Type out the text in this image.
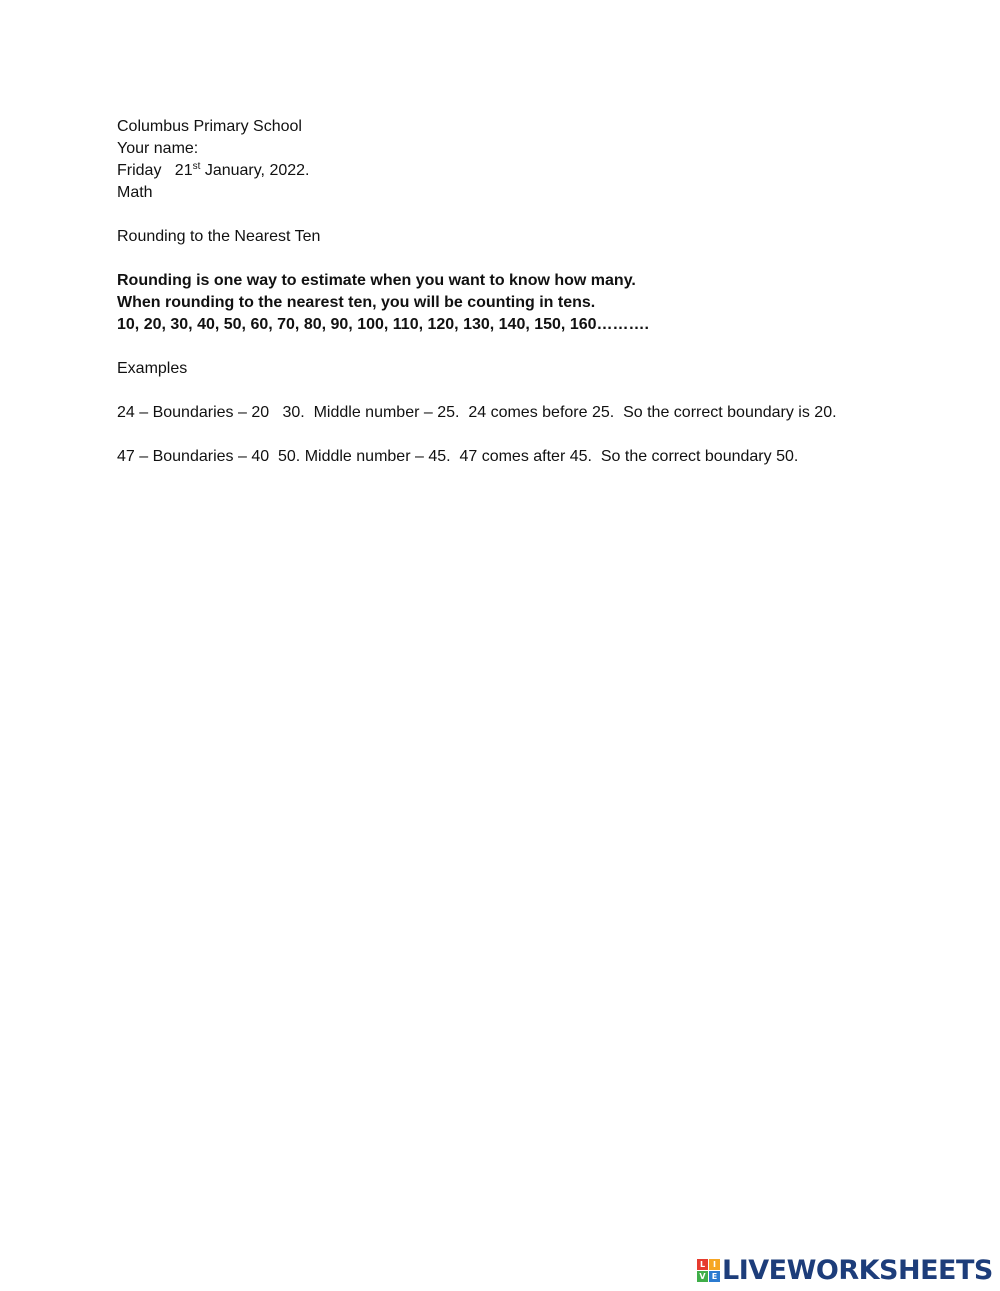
Columbus Primary School
Your name:
Friday   21st January, 2022.
Math
Rounding to the Nearest Ten
Rounding is one way to estimate when you want to know how many.
When rounding to the nearest ten, you will be counting in tens.
10, 20, 30, 40, 50, 60, 70, 80, 90, 100, 110, 120, 130, 140, 150, 160……….
Examples
24 – Boundaries – 20   30.  Middle number – 25.  24 comes before 25.  So the correct boundary is 20.
47 – Boundaries – 40  50. Middle number – 45.  47 comes after 45.  So the correct boundary 50.
L I
V E LIVEWORKSHEETS
